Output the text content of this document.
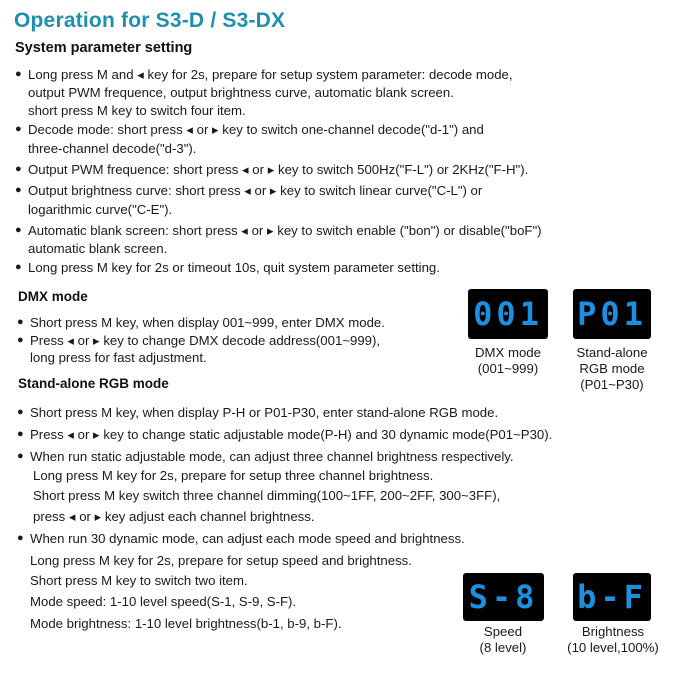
Operation for S3-D / S3-DX
System parameter setting
● Long press M and ◂ key for 2s, prepare for setup system parameter: decode mode,
output PWM frequence, output brightness curve, automatic blank screen.
short press M key to switch four item.
● Decode mode: short press ◂ or ▸ key to switch one-channel decode("d-1") and
three-channel decode("d-3").
● Output PWM frequence: short press ◂ or ▸ key to switch 500Hz("F-L") or 2KHz("F-H").
● Output brightness curve: short press ◂ or ▸ key to switch linear curve("C-L") or
logarithmic curve("C-E").
● Automatic blank screen: short press ◂ or ▸ key to switch enable ("bon") or disable("boF")
automatic blank screen.
● Long press M key for 2s or timeout 10s, quit system parameter setting.
DMX mode
● Short press M key, when display 001~999, enter DMX mode.
● Press ◂ or ▸ key to change DMX decode address(001~999),
long press for fast adjustment.
Stand-alone RGB mode
● Short press M key, when display P-H or P01-P30, enter stand-alone RGB mode.
● Press ◂ or ▸ key to change static adjustable mode(P-H) and 30 dynamic mode(P01~P30).
● When run static adjustable mode, can adjust three channel brightness respectively.
Long press M key for 2s, prepare for setup three channel brightness.
Short press M key switch three channel dimming(100~1FF, 200~2FF, 300~3FF),
press ◂ or ▸ key adjust each channel brightness.
● When run 30 dynamic mode, can adjust each mode speed and brightness.
Long press M key for 2s, prepare for setup speed and brightness.
Short press M key to switch two item.
Mode speed: 1-10 level speed(S-1, S-9, S-F).
Mode brightness: 1-10 level brightness(b-1, b-9, b-F).
001
DMX mode
(001~999)
P01
Stand-alone
RGB mode
(P01~P30)
S-8
Speed
(8 level)
b-F
Brightness
(10 level,100%)
